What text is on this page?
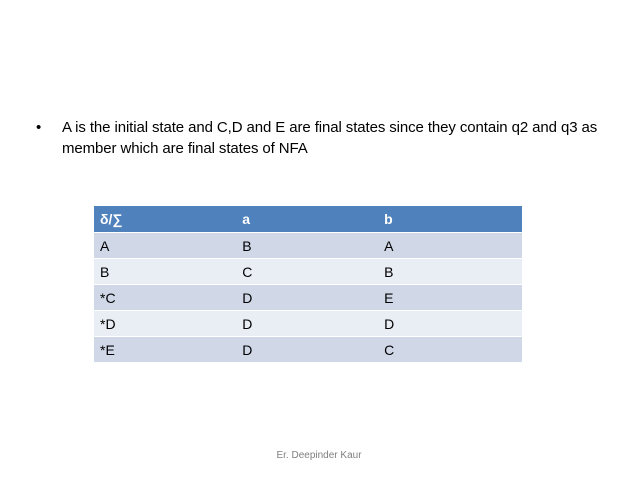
•	A is the initial state and C,D and E are final states since they contain q2 and q3 as member which are final states of NFA
δ/∑	a	b
A	B	A
B	C	B
*C	D	E
*D	D	D
*E	D	C
Er. Deepinder Kaur
